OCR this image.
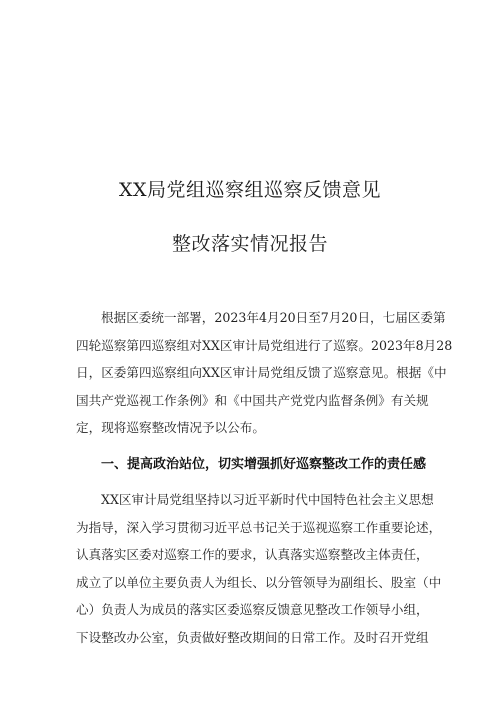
XX局党组巡察组巡察反馈意见
整改落实情况报告
根据区委统一部署，2023年4月20日至7月20日，七届区委第
四轮巡察第四巡察组对XX区审计局党组进行了巡察。2023年8月28
日，区委第四巡察组向XX区审计局党组反馈了巡察意见。根据《中
国共产党巡视工作条例》和《中国共产党党内监督条例》有关规
定，现将巡察整改情况予以公布。
一、提高政治站位，切实增强抓好巡察整改工作的责任感
XX区审计局党组坚持以习近平新时代中国特色社会主义思想
为指导，深入学习贯彻习近平总书记关于巡视巡察工作重要论述，
认真落实区委对巡察工作的要求，认真落实巡察整改主体责任，
成立了以单位主要负责人为组长、以分管领导为副组长、股室（中
心）负责人为成员的落实区委巡察反馈意见整改工作领导小组，
下设整改办公室，负责做好整改期间的日常工作。及时召开党组
